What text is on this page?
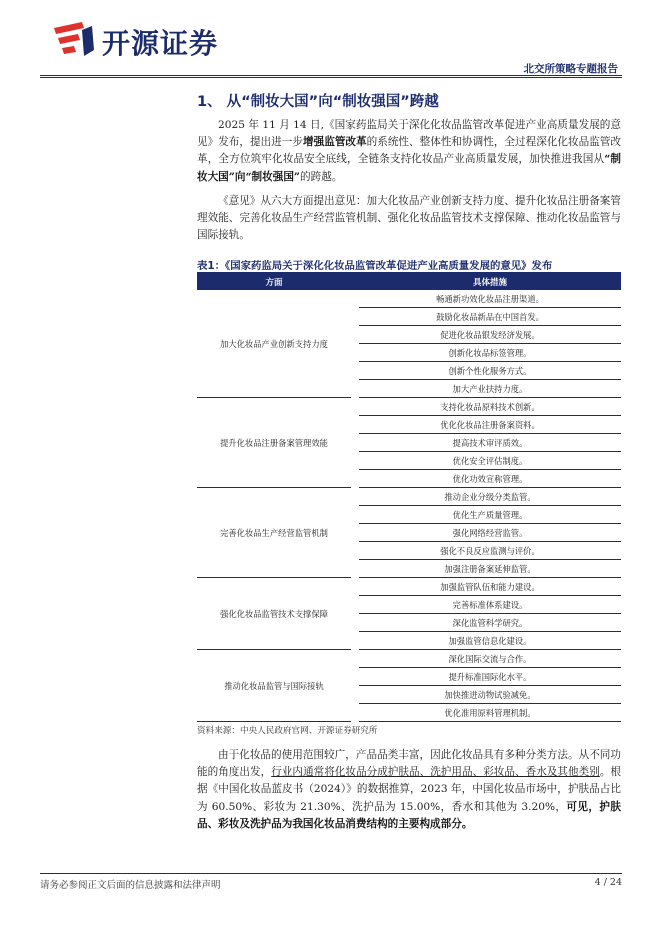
开源证券
北交所策略专题报告
1、 从“制妆大国”向“制妆强国”跨越
2025 年 11 月 14 日,《国家药监局关于深化化妆品监管改革促进产业高质量发展的意见》发布，提出进一步增强监管改革的系统性、整体性和协调性，全过程深化化妆品监管改革，全方位筑牢化妆品安全底线，全链条支持化妆品产业高质量发展，加快推进我国从“制妆大国”向“制妆强国”的跨越。
《意见》从六大方面提出意见：加大化妆品产业创新支持力度、提升化妆品注册备案管理效能、完善化妆品生产经营监管机制、强化化妆品监管技术支撑保障、推动化妆品监管与国际接轨。
表1：《国家药监局关于深化化妆品监管改革促进产业高质量发展的意见》发布
方面		具体措施
加大化妆品产业创新支持力度		畅通新功效化妆品注册渠道。
		鼓励化妆品新品在中国首发。
		促进化妆品银发经济发展。
		创新化妆品标签管理。
		创新个性化服务方式。
		加大产业扶持力度。
提升化妆品注册备案管理效能		支持化妆品原料技术创新。
		优化化妆品注册备案资料。
		提高技术审评质效。
		优化安全评估制度。
		优化功效宣称管理。
完善化妆品生产经营监管机制		推动企业分级分类监管。
		优化生产质量管理。
		强化网络经营监管。
		强化不良反应监测与评价。
		加强注册备案延伸监管。
强化化妆品监管技术支撑保障		加强监管队伍和能力建设。
		完善标准体系建设。
		深化监管科学研究。
		加强监管信息化建设。
推动化妆品监管与国际接轨		深化国际交流与合作。
		提升标准国际化水平。
		加快推进动物试验减免。
		优化准用原料管理机制。
资料来源：中央人民政府官网、开源证券研究所
由于化妆品的使用范围较广，产品品类丰富，因此化妆品具有多种分类方法。从不同功能的角度出发，行业内通常将化妆品分成护肤品、洗护用品、彩妆品、香水及其他类别。根据《中国化妆品蓝皮书（2024）》的数据推算，2023 年，中国化妆品市场中，护肤品占比为 60.50%、彩妆为 21.30%、洗护品为 15.00%，香水和其他为 3.20%，可见，护肤品、彩妆及洗护品为我国化妆品消费结构的主要构成部分。
请务必参阅正文后面的信息披露和法律声明	4 / 24
